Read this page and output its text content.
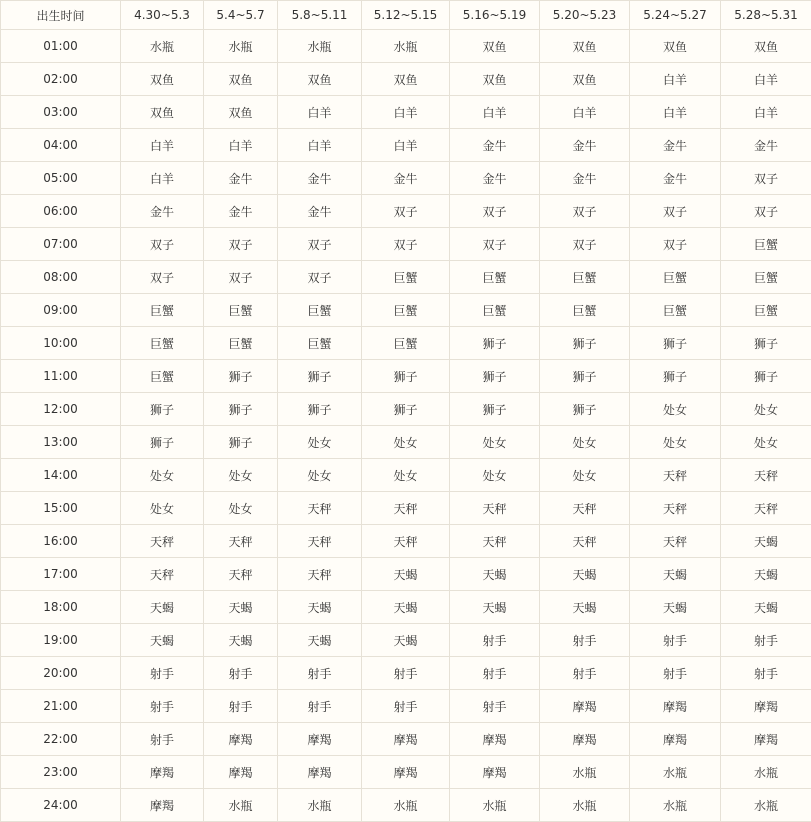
出生时间	4.30~5.3	5.4~5.7	5.8~5.11	5.12~5.15	5.16~5.19	5.20~5.23	5.24~5.27	5.28~5.31
01:00	水瓶	水瓶	水瓶	水瓶	双鱼	双鱼	双鱼	双鱼
02:00	双鱼	双鱼	双鱼	双鱼	双鱼	双鱼	白羊	白羊
03:00	双鱼	双鱼	白羊	白羊	白羊	白羊	白羊	白羊
04:00	白羊	白羊	白羊	白羊	金牛	金牛	金牛	金牛
05:00	白羊	金牛	金牛	金牛	金牛	金牛	金牛	双子
06:00	金牛	金牛	金牛	双子	双子	双子	双子	双子
07:00	双子	双子	双子	双子	双子	双子	双子	巨蟹
08:00	双子	双子	双子	巨蟹	巨蟹	巨蟹	巨蟹	巨蟹
09:00	巨蟹	巨蟹	巨蟹	巨蟹	巨蟹	巨蟹	巨蟹	巨蟹
10:00	巨蟹	巨蟹	巨蟹	巨蟹	狮子	狮子	狮子	狮子
11:00	巨蟹	狮子	狮子	狮子	狮子	狮子	狮子	狮子
12:00	狮子	狮子	狮子	狮子	狮子	狮子	处女	处女
13:00	狮子	狮子	处女	处女	处女	处女	处女	处女
14:00	处女	处女	处女	处女	处女	处女	天秤	天秤
15:00	处女	处女	天秤	天秤	天秤	天秤	天秤	天秤
16:00	天秤	天秤	天秤	天秤	天秤	天秤	天秤	天蝎
17:00	天秤	天秤	天秤	天蝎	天蝎	天蝎	天蝎	天蝎
18:00	天蝎	天蝎	天蝎	天蝎	天蝎	天蝎	天蝎	天蝎
19:00	天蝎	天蝎	天蝎	天蝎	射手	射手	射手	射手
20:00	射手	射手	射手	射手	射手	射手	射手	射手
21:00	射手	射手	射手	射手	射手	摩羯	摩羯	摩羯
22:00	射手	摩羯	摩羯	摩羯	摩羯	摩羯	摩羯	摩羯
23:00	摩羯	摩羯	摩羯	摩羯	摩羯	水瓶	水瓶	水瓶
24:00	摩羯	水瓶	水瓶	水瓶	水瓶	水瓶	水瓶	水瓶
